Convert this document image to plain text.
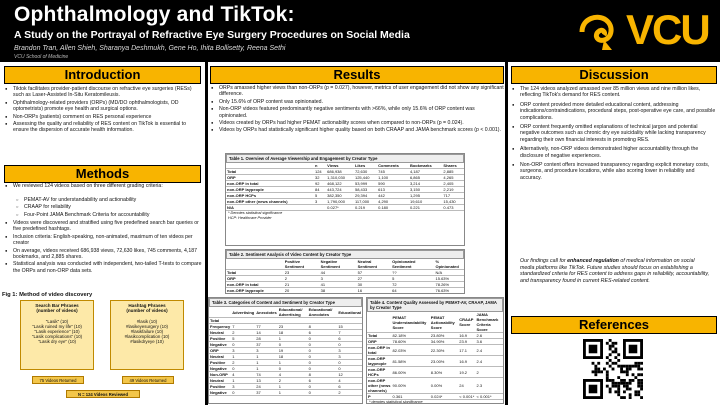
Ophthalmology and TikTok:
A Study on the Portrayal of Refractive Eye Surgery Procedures on Social Media
Brandon Tran, Allen Shieh, Sharanya Deshmukh, Gene Ho, Ihita Bollisetty, Reena Sethi
VCU School of Medicine
VCU
Introduction
● Tiktok facilitates provider-patient discourse on refractive eye surgeries (RESs) such as Laser-Assisted In-Situ Keratomileusis.
● Ophthalmology-related providers (ORPs) (MD/DO ophthalmologists, OD optometrists) promote eye health and surgical options.
● Non-ORPs (patients) comment on RES personal experience
● Assessing the quality and reliability of RES content on TikTok is essential to ensure the dispersion of accurate health information.
Methods
● We reviewed 124 videos based on three different grading criteria:
○ PEMAT-AV for understandability and actionability
○ CRAAP for reliability
○ Four-Point JAMA Benchmark Criteria for accountability
● Videos were discovered and stratified using five predefined search bar queries or five predefined hashtags.
● Inclusion criteria: English-speaking, non-animated, maximum of ten videos per creator
● On average, videos received 686,938 views, 72,630 likes, 745 comments, 4,187 bookmarks, and 2,885 shares.
● Statistical analysis was conducted with independent, two-tailed T-tests to compare the ORPs and non-ORP data sets.
Fig 1: Method of video discovery
Search Bar Phrases
(number of videos)
"Lasik" (10)
"Lasik ruined my life" (10)
"Lasik experience" (10)
"Lasik complications" (10)
"Lasik dry eye" (10)
Hashtag Phrases
(number of videos)
#lasik (10)
#lasikeyesurgery (10)
#lasikfailure (10)
#lasikcomplication (10)
#lasikdryeye (10)
75 Videos Returned	49 Videos Returned
N = 124 Videos Reviewed
Results
● ORPs amassed higher views than non-ORPs (p = 0.027), however, metrics of user engagement did not show any significant difference.
● Only 15.6% of ORP content was opinionated.
● Non-ORP videos featured predominantly negative sentiments with >66%, while only 15.6% of ORP content was opinionated.
● Videos created by ORPs had higher PEMAT actionability scores when compared to non-ORPs (p = 0.024).
● Videos by ORPs had statistically significant higher quality based on both CRAAP and JAMA benchmark scores (p < 0.001).
Table 1. Overview of Average Viewership and Engagement by Creator Type
	n	Views	Likes	Comments	Bookmarks	Shares
Total	124	686,938	72,630	745	4,187	2,885
ORP	32	1,310,030	125,440	1,100	6,865	4,265
non-ORP in total	92	468,122	53,999	590	3,214	2,405
non-ORP laypeople	84	443,724	58,433	613	3,150	2,219
non-ORP HCPs	5	382,350	29,394	442	1,295	717
non-ORP other (news channels)	3	1,790,000	117,000	4,290	19,610	15,430
N/A		0.027*	0.219	0.180	0.221	0.473
* Denotes statistical significance
HCP: Healthcare Provider
Table 2. Sentiment Analysis of Video Content by Creator Type
	Positive Sentiment	Negative Sentiment	Neutral Sentiment	Opinionated Sentiment	% Opinionated
Total	23	44	57	??	N/A
ORP	2	3	27	5	15.63%
non-ORP in total	21	41	30	72	78.26%
non-ORP laypeople	20	38	16	64	76.63%

Table 3. Categories of Content and Sentiment by Creator Type
	Advertising	Anecdotes	Educational/ Advertising	Educational/ Anecdotes	Educational
Total					
Frequency	7	77	23	8	15
Neutral	2	14	18	6	7
Positive	5	28	1	0	6
Negative	0	37	0	0	0
ORP	3	3	19	0	3
Neutral	1	1	18	0	3
Positive	2	1	1	0	0
Negative	0	1	0	0	0
Non-ORP	4	74	4	8	12
Neutral	1	13	2	6	4
Positive	3	24	1	0	6
Negative	0	37	1	0	2
Table 4. Content Quality Assessed by PEMAT-AV, CRAAP, JAMA by Creator Type
	PEMAT Understandability Score	PEMAT Actionability Score	CRAAP Score	JAMA Benchmark Criteria Score
Total	82.18%	23.80%	16.9	2.6
ORP	78.60%	34.90%	23.9	3.6
non-ORP in total	82.03%	22.30%	17.1	2.4
non-ORP laypeople	81.58%	23.00%	16.9	2.4
non-ORP HCPs	86.00%	8.30%	19.2	2
non-ORP other (news channels)	90.00%	0.00%	24	2.3
P	0.361	0.024*	< 0.001*	< 0.001*
* denotes statistical significance
Discussion
● The 124 videos analyzed amassed over 85 million views and nine million likes, reflecting TikTok's demand for RES content.
● ORP content provided more detailed educational content, addressing indications/contraindications, procedural steps, post-operative eye care, and possible complications.
● ORP content frequently omitted explanations of technical jargon and potential negative outcomes such as chronic dry eye suicidality while lacking transparency regarding their own financial interests in promoting RES.
● Alternatively, non-ORP videos demonstrated higher accountability through the disclosure of negative experiences.
● Non-ORP content offers increased transparency regarding explicit monetary costs, surgeons, and procedure locations, while also scoring lower in reliability and accuracy.
Our findings call for enhanced regulation of medical information on social media platforms like TikTok. Future studies should focus on establishing a standardized criteria for RES content to address gaps in reliability, accountability, and transparency found in current RES-related content.
References
